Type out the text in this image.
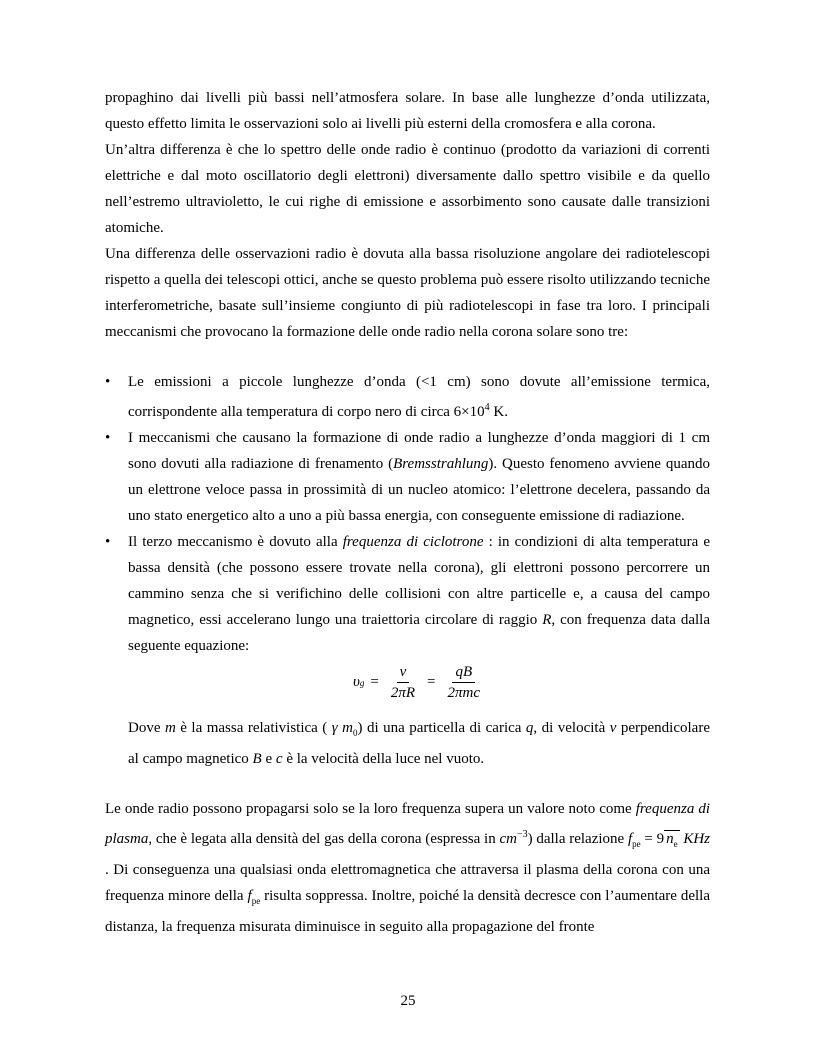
propaghino dai livelli più bassi nell’atmosfera solare. In base alle lunghezze d’onda utilizzata, questo effetto limita le osservazioni solo ai livelli più esterni della cromosfera e alla corona.

Un’altra differenza è che lo spettro delle onde radio è continuo (prodotto da variazioni di correnti elettriche e dal moto oscillatorio degli elettroni) diversamente dallo spettro visibile e da quello nell’estremo ultravioletto, le cui righe di emissione e assorbimento sono causate dalle transizioni atomiche.

Una differenza delle osservazioni radio è dovuta alla bassa risoluzione angolare dei radiotelescopi rispetto a quella dei telescopi ottici, anche se questo problema può essere risolto utilizzando tecniche interferometriche, basate sull’insieme congiunto di più radiotelescopi in fase tra loro. I principali meccanismi che provocano la formazione delle onde radio nella corona solare sono tre:

• Le emissioni a piccole lunghezze d’onda (<1 cm) sono dovute all’emissione termica, corrispondente alla temperatura di corpo nero di circa $6\times 10^4$ K.
• I meccanismi che causano la formazione di onde radio a lunghezze d’onda maggiori di 1 cm sono dovuti alla radiazione di frenamento (Bremsstrahlung). Questo fenomeno avviene quando un elettrone veloce passa in prossimità di un nucleo atomico: l’elettrone decelera, passando da uno stato energetico alto a uno a più bassa energia, con conseguente emissione di radiazione.
• Il terzo meccanismo è dovuto alla frequenza di ciclotrone : in condizioni di alta temperatura e bassa densità (che possono essere trovate nella corona), gli elettroni possono percorrere un cammino senza che si verifichino delle collisioni con altre particelle e, a causa del campo magnetico, essi accelerano lungo una traiettoria circolare di raggio R, con frequenza data dalla seguente equazione:
υ $g = \frac{v}{2\pi R} = \frac{qB}{\text{2πmc}}$

Dove m è la massa relativistica ( γ $m_0$) di una particella di carica q, di velocità v perpendicolare al campo magnetico B e c è la velocità della luce nel vuoto.

Le onde radio possono propagarsi solo se la loro frequenza supera un valore noto come frequenza di plasma, che è legata alla densità del gas della corona (espressa in $cm^{-3}$) dalla relazione $f_{pe} = 9$ $n_e$ KHz . Di conseguenza una qualsiasi onda elettromagnetica che attraversa il plasma della corona con una frequenza minore della $f_{pe}$ risulta soppressa. Inoltre, poiché la densità decresce con l’aumentare della distanza, la frequenza misurata diminuisce in seguito alla propagazione del fronte

25
